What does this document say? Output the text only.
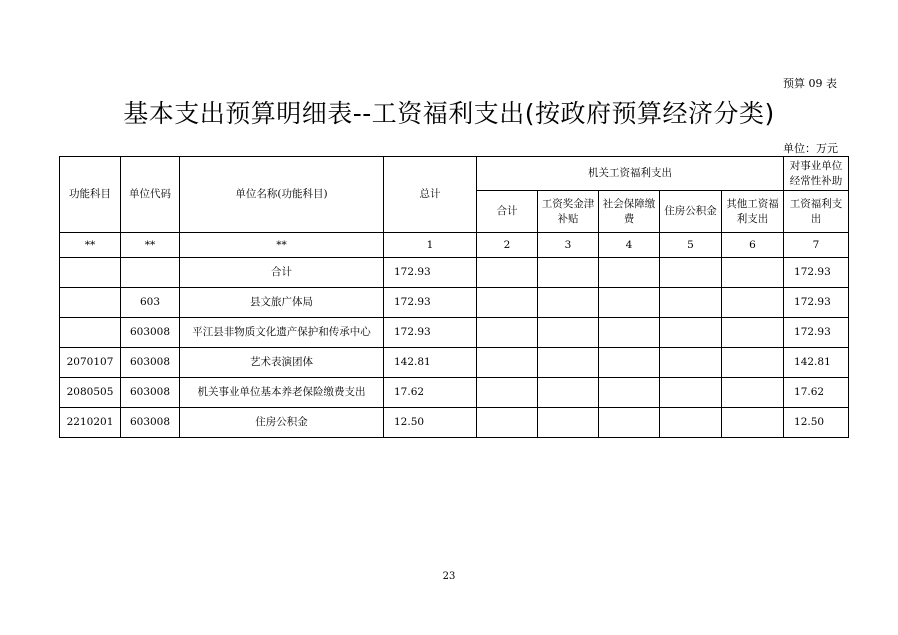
预算 09 表
基本支出预算明细表--工资福利支出(按政府预算经济分类)
单位：万元
功能科目	单位代码	单位名称(功能科目)	总计	机关工资福利支出					对事业单位经常性补助
				合计	工资奖金津补贴	社会保障缴费	住房公积金	其他工资福利支出	工资福利支出
**	**	**	1	2	3	4	5	6	7
		合计	172.93						172.93
	603	县文旅广体局	172.93						172.93
	603008	平江县非物质文化遗产保护和传承中心	172.93						172.93
2070107	603008	艺术表演团体	142.81						142.81
2080505	603008	机关事业单位基本养老保险缴费支出	17.62						17.62
2210201	603008	住房公积金	12.50						12.50
23
